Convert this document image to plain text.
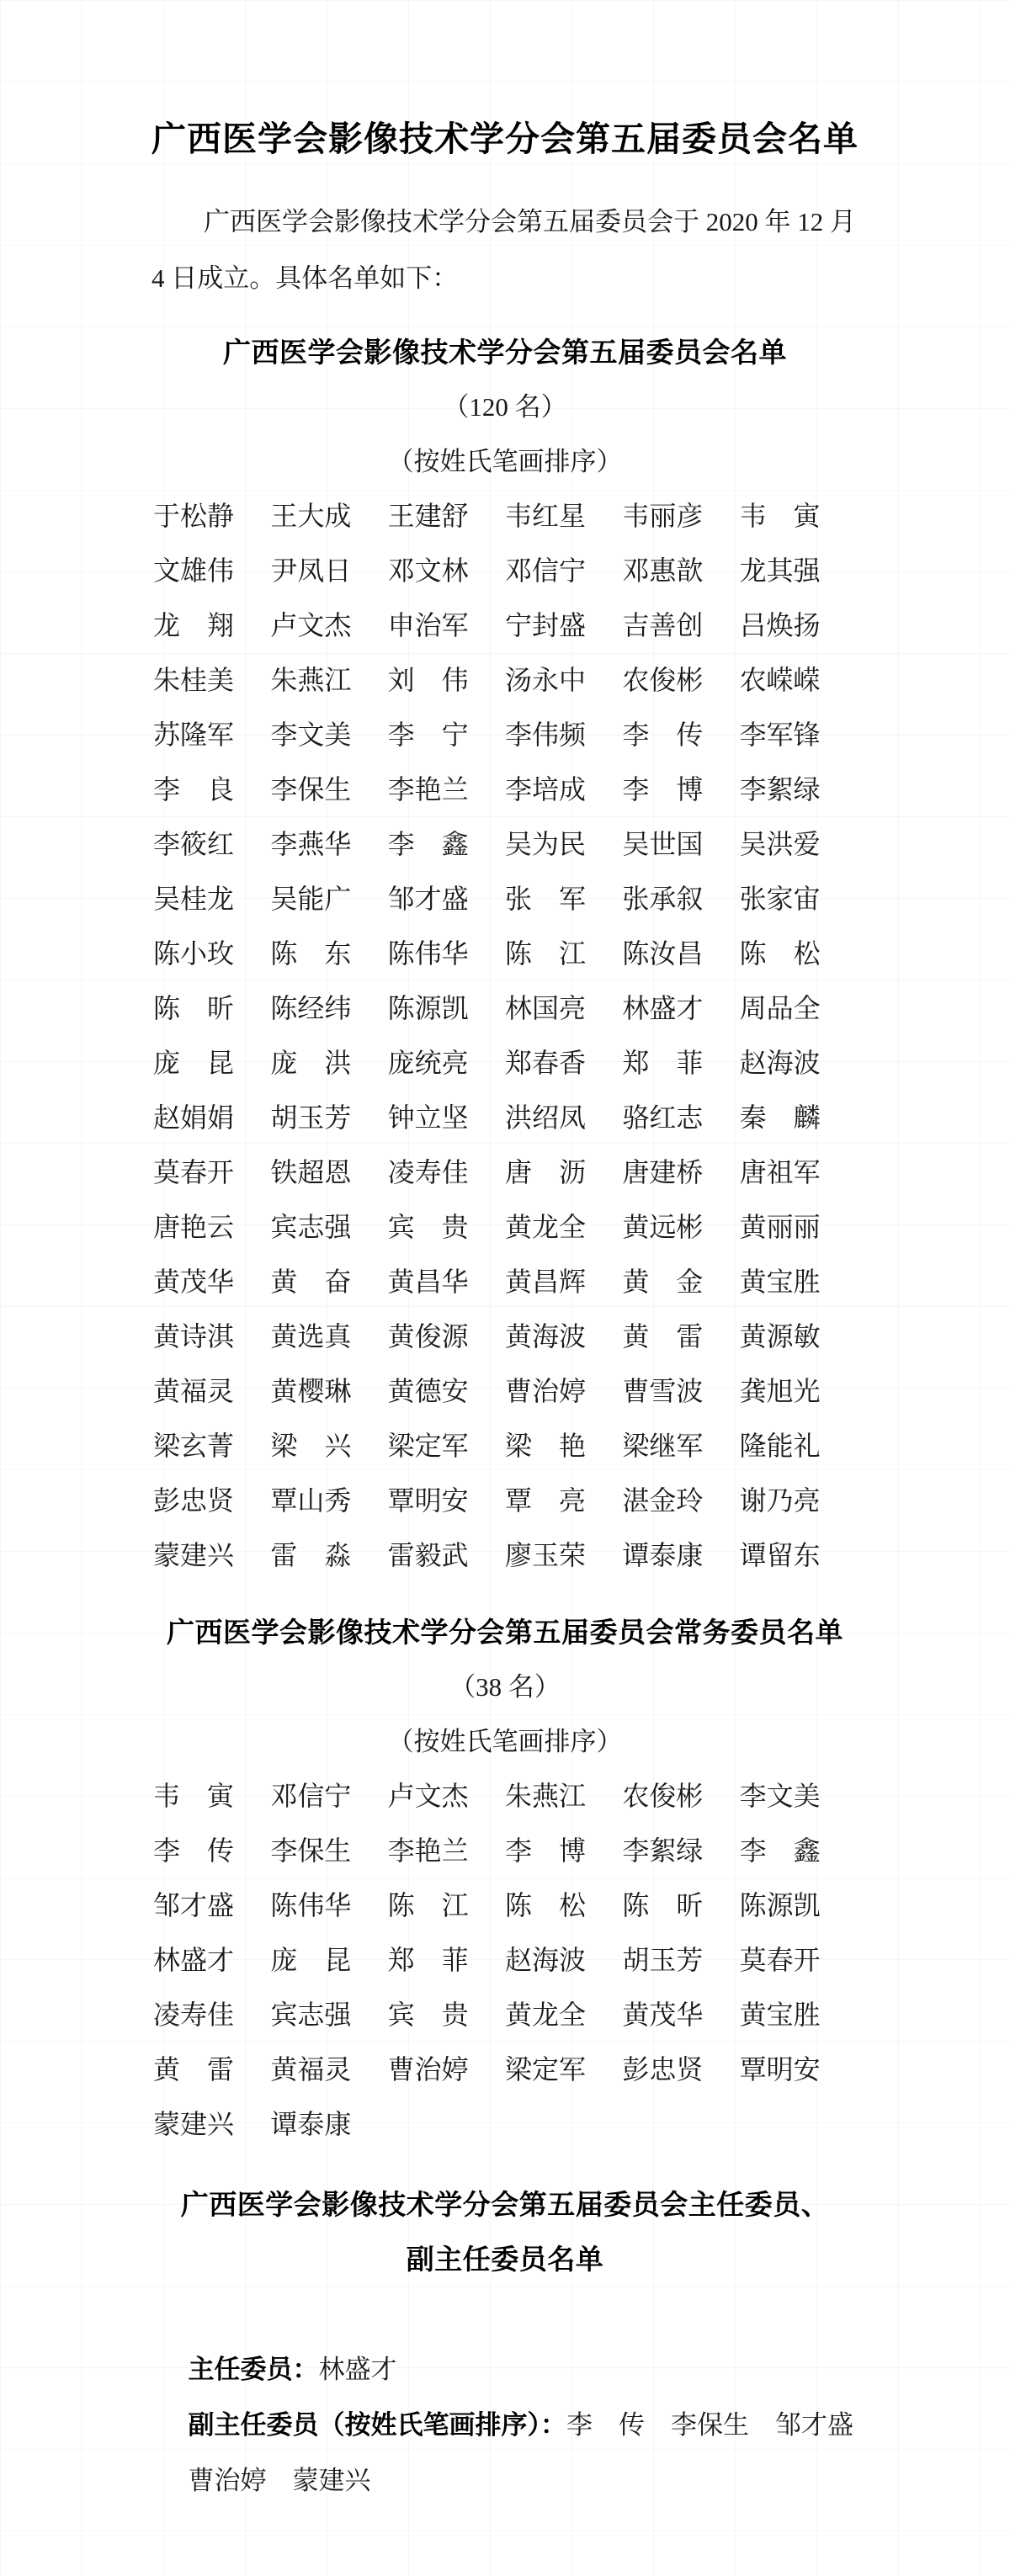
广西医学会影像技术学分会第五届委员会名单
广西医学会影像技术学分会第五届委员会于 2020 年 12 月
4 日成立。具体名单如下：
广西医学会影像技术学分会第五届委员会名单
（120 名）
（按姓氏笔画排序）
于松静	王大成	王建舒	韦红星	韦丽彦	韦　寅
文雄伟	尹凤日	邓文林	邓信宁	邓惠歆	龙其强
龙　翔	卢文杰	申治军	宁封盛	吉善创	吕焕扬
朱桂美	朱燕江	刘　伟	汤永中	农俊彬	农嵘嵘
苏隆军	李文美	李　宁	李伟频	李　传	李军锋
李　良	李保生	李艳兰	李培成	李　博	李絮绿
李筱红	李燕华	李　鑫	吴为民	吴世国	吴洪爱
吴桂龙	吴能广	邹才盛	张　军	张承叙	张家宙
陈小玫	陈　东	陈伟华	陈　江	陈汝昌	陈　松
陈　昕	陈经纬	陈源凯	林国亮	林盛才	周品全
庞　昆	庞　洪	庞统亮	郑春香	郑　菲	赵海波
赵娟娟	胡玉芳	钟立坚	洪绍凤	骆红志	秦　麟
莫春开	铁超恩	凌寿佳	唐　沥	唐建桥	唐祖军
唐艳云	宾志强	宾　贵	黄龙全	黄远彬	黄丽丽
黄茂华	黄　奋	黄昌华	黄昌辉	黄　金	黄宝胜
黄诗淇	黄选真	黄俊源	黄海波	黄　雷	黄源敏
黄福灵	黄樱琳	黄德安	曹治婷	曹雪波	龚旭光
梁玄菁	梁　兴	梁定军	梁　艳	梁继军	隆能礼
彭忠贤	覃山秀	覃明安	覃　亮	湛金玲	谢乃亮
蒙建兴	雷　淼	雷毅武	廖玉荣	谭泰康	谭留东
广西医学会影像技术学分会第五届委员会常务委员名单
（38 名）
（按姓氏笔画排序）
韦　寅	邓信宁	卢文杰	朱燕江	农俊彬	李文美
李　传	李保生	李艳兰	李　博	李絮绿	李　鑫
邹才盛	陈伟华	陈　江	陈　松	陈　昕	陈源凯
林盛才	庞　昆	郑　菲	赵海波	胡玉芳	莫春开
凌寿佳	宾志强	宾　贵	黄龙全	黄茂华	黄宝胜
黄　雷	黄福灵	曹治婷	梁定军	彭忠贤	覃明安
蒙建兴	谭泰康
广西医学会影像技术学分会第五届委员会主任委员、
副主任委员名单

主任委员：林盛才

副主任委员（按姓氏笔画排序）：李　传　李保生　邹才盛

曹治婷　蒙建兴
